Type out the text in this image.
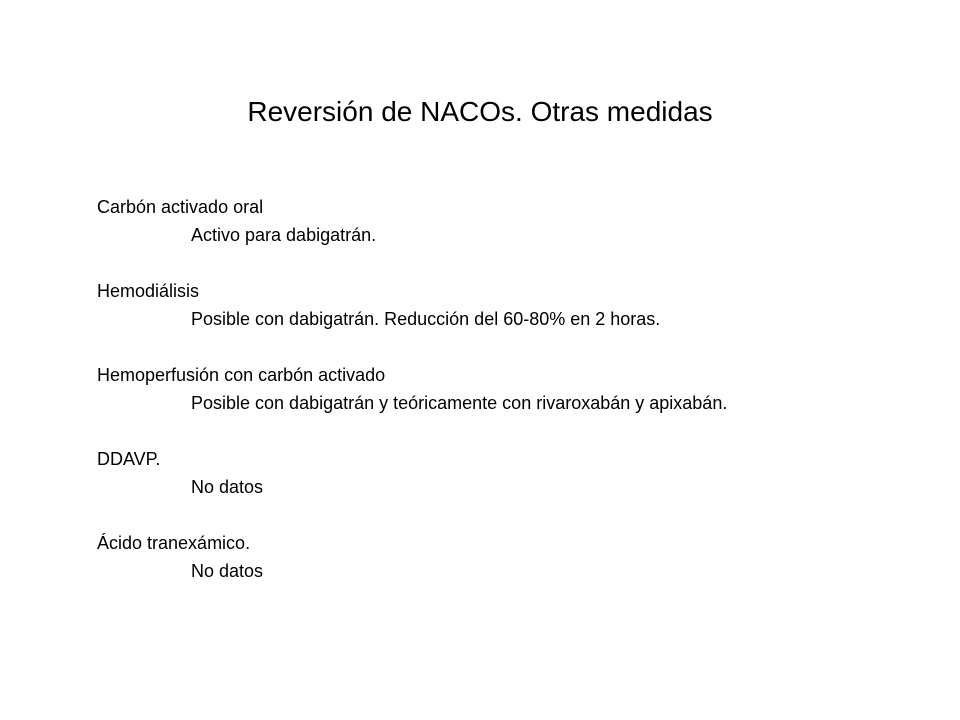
Reversión de NACOs. Otras medidas

Carbón activado oral

Activo para dabigatrán.

Hemodiálisis

Posible con dabigatrán. Reducción del 60-80% en 2 horas.

Hemoperfusión con carbón activado

Posible con dabigatrán y teóricamente con rivaroxabán y apixabán.

DDAVP.

No datos

Ácido tranexámico.

No datos
